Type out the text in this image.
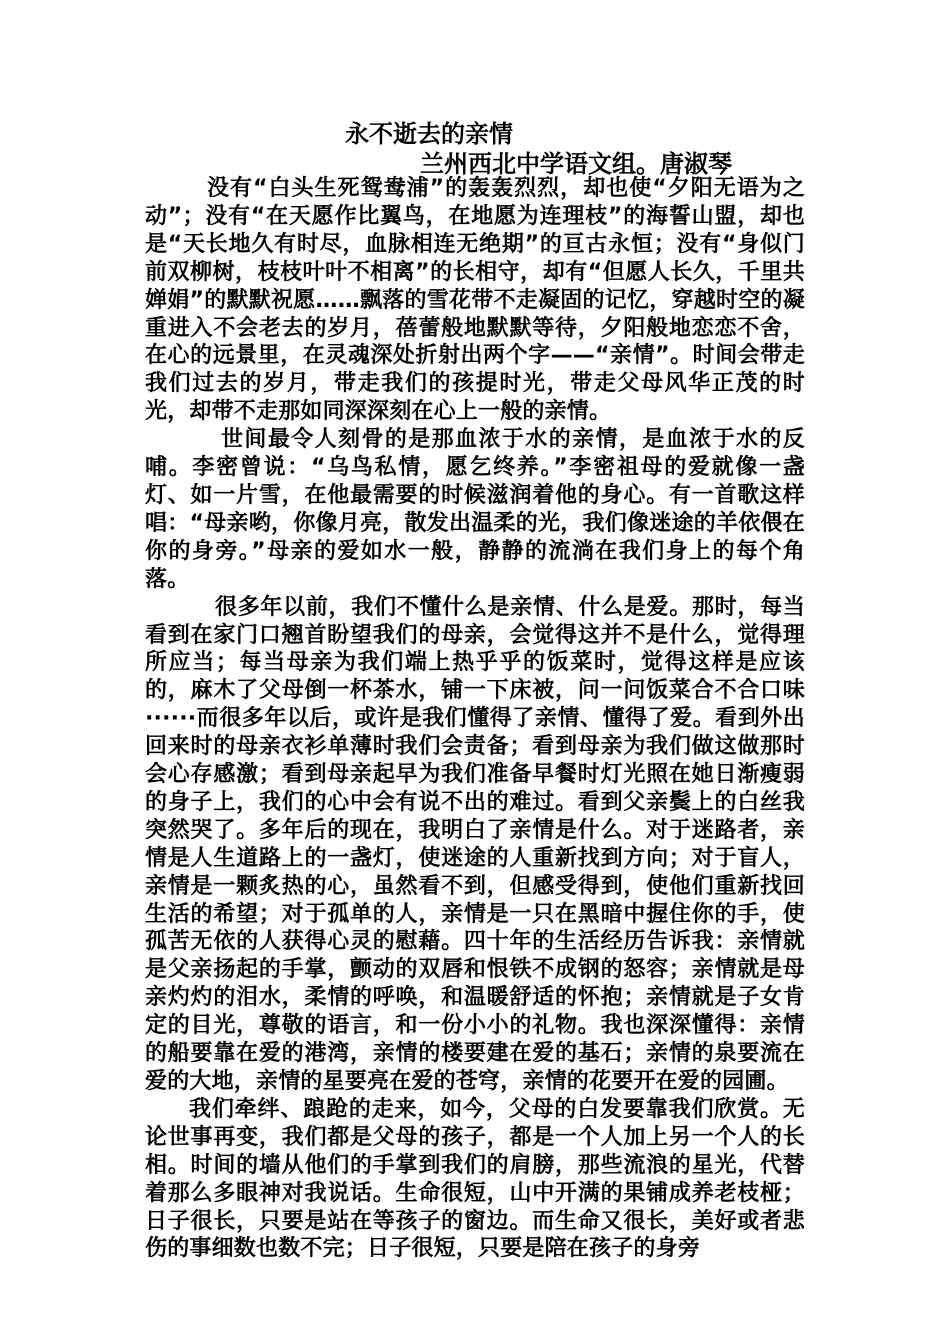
永不逝去的亲情
兰州西北中学语文组。唐淑琴

没有“白头生死鸳鸯浦”的轰轰烈烈，却也使“夕阳无语为之动”；没有“在天愿作比翼鸟，在地愿为连理枝”的海誓山盟，却也是“天长地久有时尽，血脉相连无绝期”的亘古永恒；没有“身似门前双柳树，枝枝叶叶不相离”的长相守，却有“但愿人长久，千里共婵娟”的默默祝愿……飘落的雪花带不走凝固的记忆，穿越时空的凝重进入不会老去的岁月，蓓蕾般地默默等待，夕阳般地恋恋不舍，在心的远景里，在灵魂深处折射出两个字——“亲情”。时间会带走我们过去的岁月，带走我们的孩提时光，带走父母风华正茂的时光，却带不走那如同深深刻在心上一般的亲情。

世间最令人刻骨的是那血浓于水的亲情，是血浓于水的反哺。李密曾说：“乌鸟私情，愿乞终养。”李密祖母的爱就像一盏灯、如一片雪，在他最需要的时候滋润着他的身心。有一首歌这样唱：“母亲哟，你像月亮，散发出温柔的光，我们像迷途的羊依偎在你的身旁。”母亲的爱如水一般，静静的流淌在我们身上的每个角落。

很多年以前，我们不懂什么是亲情、什么是爱。那时，每当看到在家门口翘首盼望我们的母亲，会觉得这并不是什么，觉得理所应当；每当母亲为我们端上热乎乎的饭菜时，觉得这样是应该的，麻木了父母倒一杯茶水，铺一下床被，问一问饭菜合不合口味······而很多年以后，或许是我们懂得了亲情、懂得了爱。看到外出回来时的母亲衣衫单薄时我们会责备；看到母亲为我们做这做那时会心存感激；看到母亲起早为我们准备早餐时灯光照在她日渐瘦弱的身子上，我们的心中会有说不出的难过。看到父亲鬓上的白丝我突然哭了。多年后的现在，我明白了亲情是什么。对于迷路者，亲情是人生道路上的一盏灯，使迷途的人重新找到方向；对于盲人，亲情是一颗炙热的心，虽然看不到，但感受得到，使他们重新找回生活的希望；对于孤单的人，亲情是一只在黑暗中握住你的手，使孤苦无依的人获得心灵的慰藉。四十年的生活经历告诉我：亲情就是父亲扬起的手掌，颤动的双唇和恨铁不成钢的怒容；亲情就是母亲灼灼的泪水，柔情的呼唤，和温暖舒适的怀抱；亲情就是子女肯定的目光，尊敬的语言，和一份小小的礼物。我也深深懂得：亲情的船要靠在爱的港湾，亲情的楼要建在爱的基石；亲情的泉要流在爱的大地，亲情的星要亮在爱的苍穹，亲情的花要开在爱的园圃。

我们牵绊、踉跄的走来，如今，父母的白发要靠我们欣赏。无论世事再变，我们都是父母的孩子，都是一个人加上另一个人的长相。时间的墙从他们的手掌到我们的肩膀，那些流浪的星光，代替着那么多眼神对我说话。生命很短，山中开满的果铺成养老枝桠；日子很长，只要是站在等孩子的窗边。而生命又很长，美好或者悲伤的事细数也数不完；日子很短，只要是陪在孩子的身旁
